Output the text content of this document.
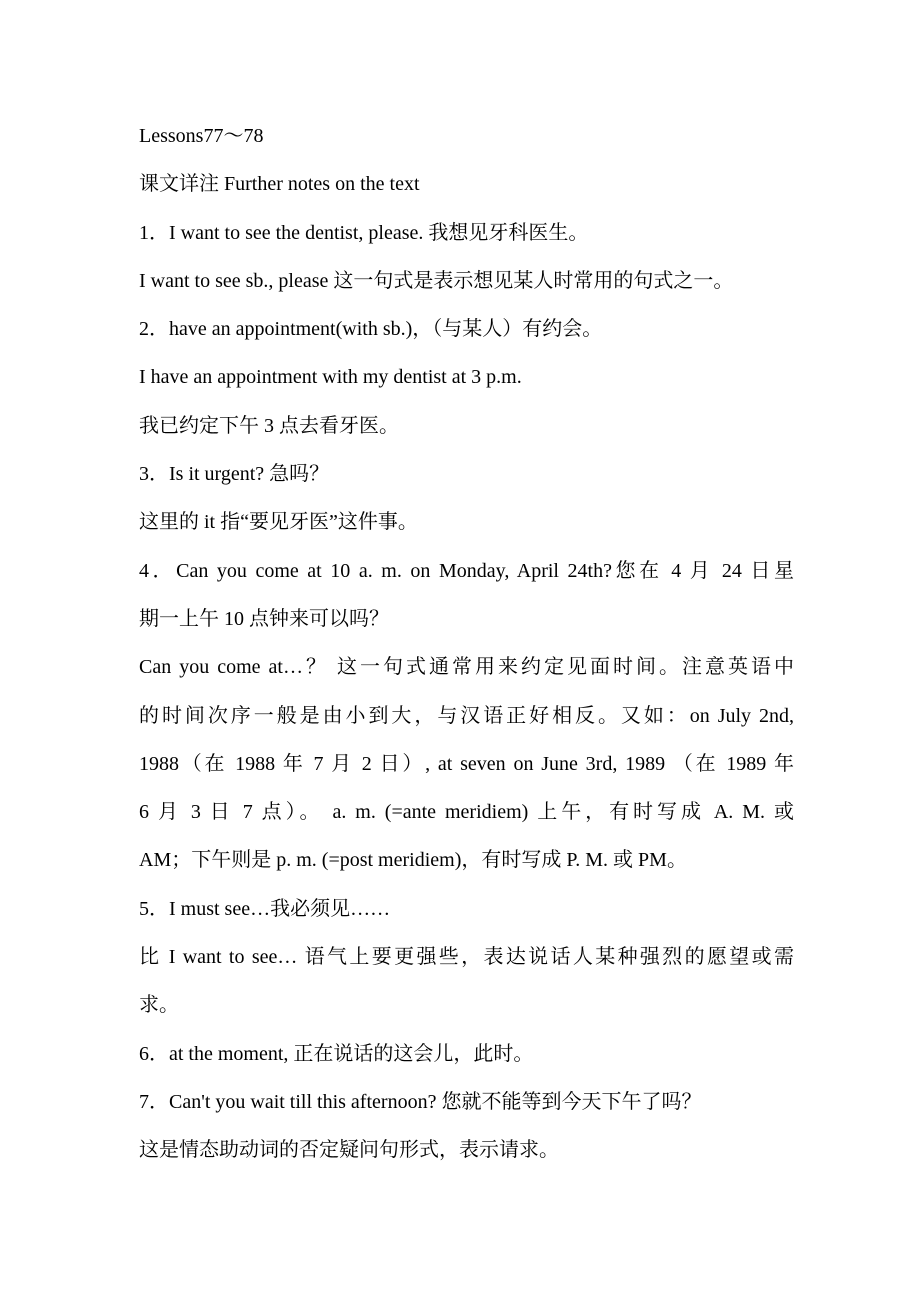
Lessons77～78
课文详注 Further notes on the text
1．I want to see the dentist, please. 我想见牙科医生。
I want to see sb., please 这一句式是表示想见某人时常用的句式之一。
2．have an appointment(with sb.)，（与某人）有约会。
I have an appointment with my dentist at 3 p.m.
我已约定下午 3 点去看牙医。
3．Is it urgent? 急吗？
这里的 it 指“要见牙医”这件事。
4．Can you come at 10 a. m. on Monday, April 24th?您在 4 月 24 日星
期一上午 10 点钟来可以吗？
Can you come at…？ 这一句式通常用来约定见面时间。注意英语中
的时间次序一般是由小到大，与汉语正好相反。又如：on July 2nd,
1988（在 1988 年 7 月 2 日）, at seven on June 3rd, 1989 （在 1989 年
6 月 3 日 7 点）。 a. m. (=ante meridiem) 上午，有时写成 A. M. 或
AM；下午则是 p. m. (=post meridiem)，有时写成 P. M. 或 PM。
5．I must see…我必须见……
比 I want to see… 语气上要更强些，表达说话人某种强烈的愿望或需
求。
6．at the moment, 正在说话的这会儿，此时。
7．Can't you wait till this afternoon? 您就不能等到今天下午了吗？
这是情态助动词的否定疑问句形式，表示请求。
